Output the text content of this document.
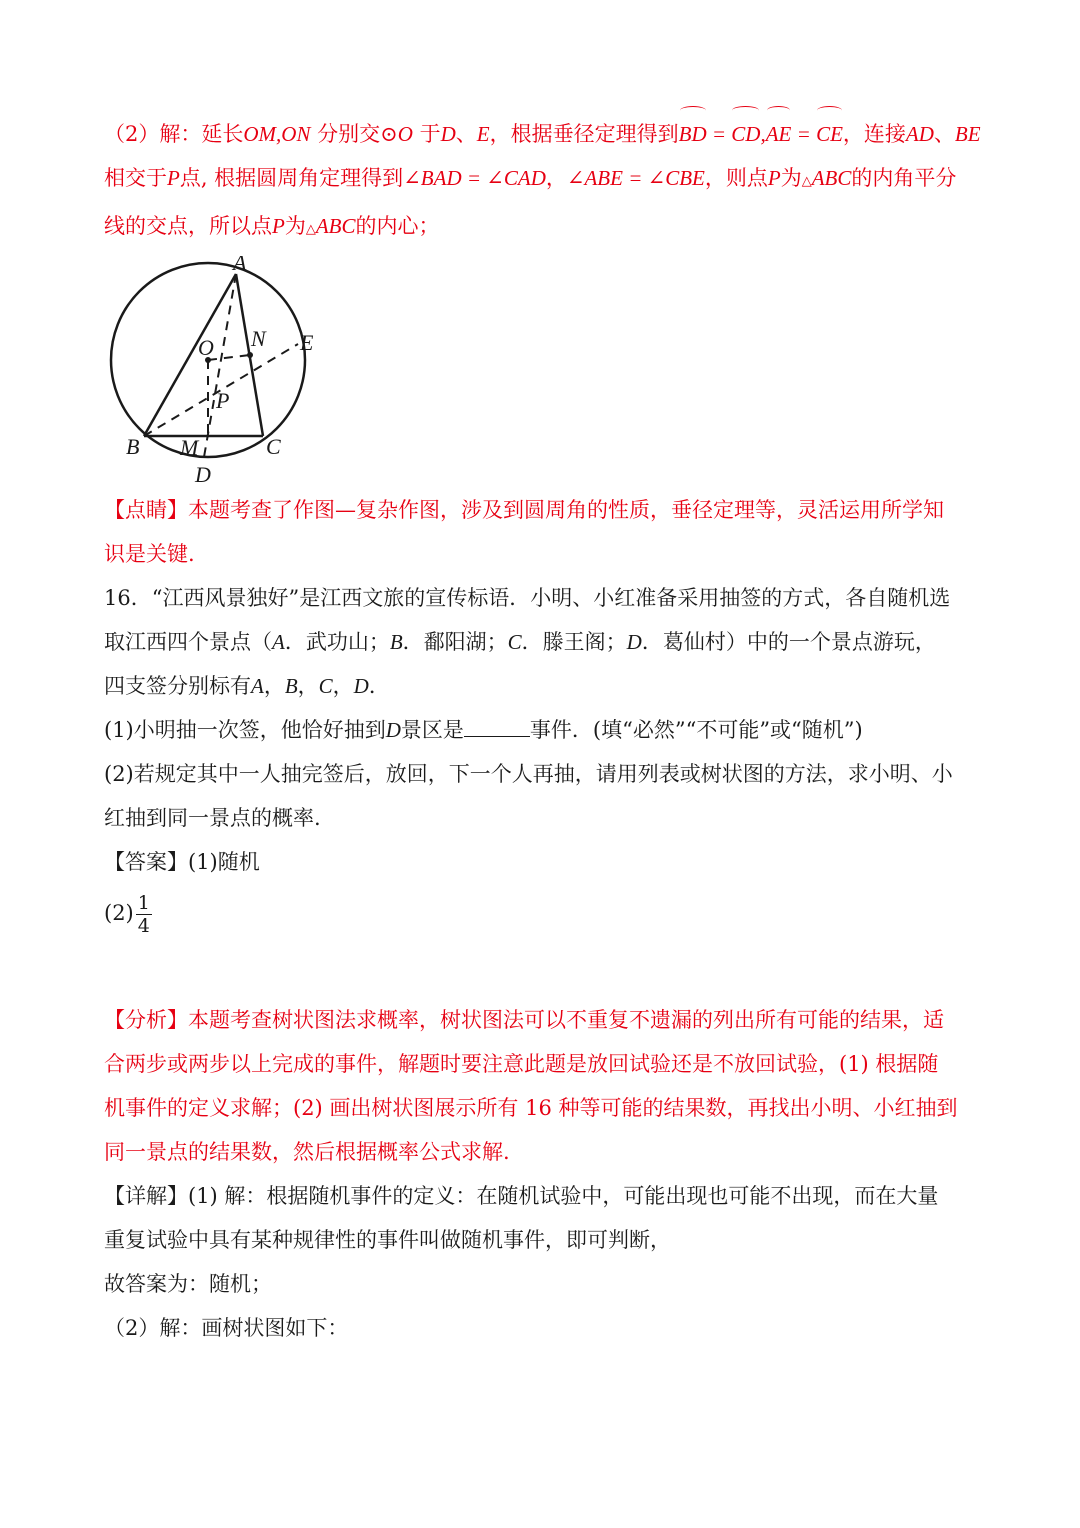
（2）解：延长OM,ON 分别交⊙O 于D、E，根据垂径定理得到BD = CD,AE = CE，连接AD、BE
相交于P点, 根据圆周角定理得到∠BAD = ∠CAD，∠ABE = ∠CBE，则点P为△ABC的内角平分
线的交点，所以点P为△ABC的内心；
A
B	C
D
E
M
N
O
P
【点睛】本题考查了作图—复杂作图，涉及到圆周角的性质，垂径定理等，灵活运用所学知
识是关键.
16．“江西风景独好”是江西文旅的宣传标语．小明、小红准备采用抽签的方式，各自随机选
取江西四个景点（A．武功山；B．鄱阳湖；C．滕王阁；D．葛仙村）中的一个景点游玩，
四支签分别标有A，B，C，D．
(1)小明抽一次签，他恰好抽到D景区是	事件．(填“必然”“不可能”或“随机”)
(2)若规定其中一人抽完签后，放回，下一个人再抽，请用列表或树状图的方法，求小明、小
红抽到同一景点的概率.
【答案】(1)随机
$(2) \frac{1}{4}$
【分析】本题考查树状图法求概率，树状图法可以不重复不遗漏的列出所有可能的结果，适
合两步或两步以上完成的事件，解题时要注意此题是放回试验还是不放回试验，(1) 根据随
机事件的定义求解；(2) 画出树状图展示所有 16 种等可能的结果数，再找出小明、小红抽到
同一景点的结果数，然后根据概率公式求解.
【详解】(1) 解：根据随机事件的定义：在随机试验中，可能出现也可能不出现，而在大量
重复试验中具有某种规律性的事件叫做随机事件，即可判断，
故答案为：随机；
（2）解：画树状图如下：
